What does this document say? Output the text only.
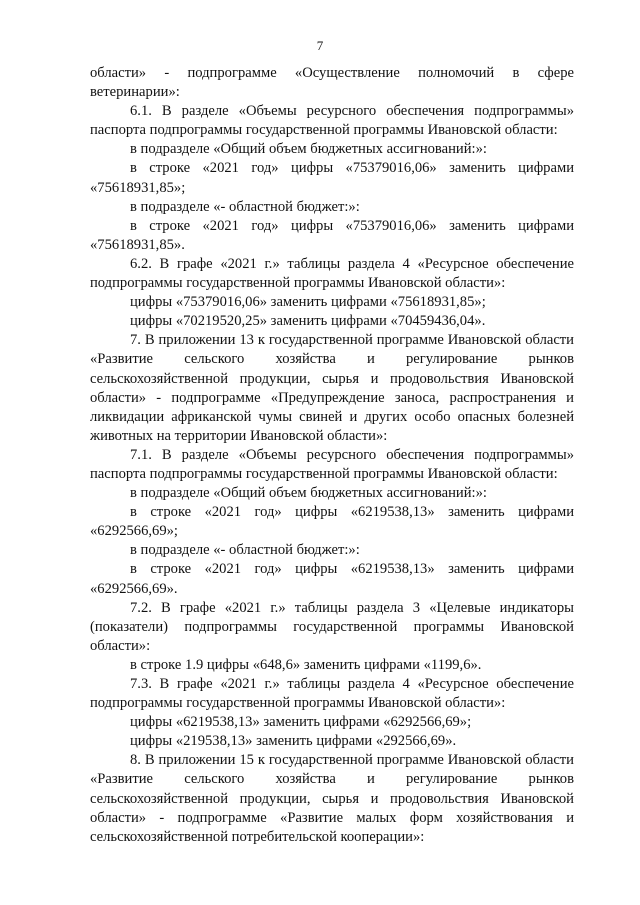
7

области» - подпрограмме «Осуществление полномочий в сфере ветеринарии»:

6.1. В разделе «Объемы ресурсного обеспечения подпрограммы» паспорта подпрограммы государственной программы Ивановской области:

в подразделе «Общий объем бюджетных ассигнований:»:

в строке «2021 год» цифры «75379016,06» заменить цифрами «75618931,85»;

в подразделе «- областной бюджет:»:

в строке «2021 год» цифры «75379016,06» заменить цифрами «75618931,85».

6.2. В графе «2021 г.» таблицы раздела 4 «Ресурсное обеспечение подпрограммы государственной программы Ивановской области»:

цифры «75379016,06» заменить цифрами «75618931,85»;

цифры «70219520,25» заменить цифрами «70459436,04».

7. В приложении 13 к государственной программе Ивановской области «Развитие сельского хозяйства и регулирование рынков сельскохозяйственной продукции, сырья и продовольствия Ивановской области» - подпрограмме «Предупреждение заноса, распространения и ликвидации африканской чумы свиней и других особо опасных болезней животных на территории Ивановской области»:

7.1. В разделе «Объемы ресурсного обеспечения подпрограммы» паспорта подпрограммы государственной программы Ивановской области:

в подразделе «Общий объем бюджетных ассигнований:»:

в строке «2021 год» цифры «6219538,13» заменить цифрами «6292566,69»;

в подразделе «- областной бюджет:»:

в строке «2021 год» цифры «6219538,13» заменить цифрами «6292566,69».

7.2. В графе «2021 г.» таблицы раздела 3 «Целевые индикаторы (показатели) подпрограммы государственной программы Ивановской области»:

в строке 1.9 цифры «648,6» заменить цифрами «1199,6».

7.3. В графе «2021 г.» таблицы раздела 4 «Ресурсное обеспечение подпрограммы государственной программы Ивановской области»:

цифры «6219538,13» заменить цифрами «6292566,69»;

цифры «219538,13» заменить цифрами «292566,69».

8. В приложении 15 к государственной программе Ивановской области «Развитие сельского хозяйства и регулирование рынков сельскохозяйственной продукции, сырья и продовольствия Ивановской области» - подпрограмме «Развитие малых форм хозяйствования и сельскохозяйственной потребительской кооперации»:
